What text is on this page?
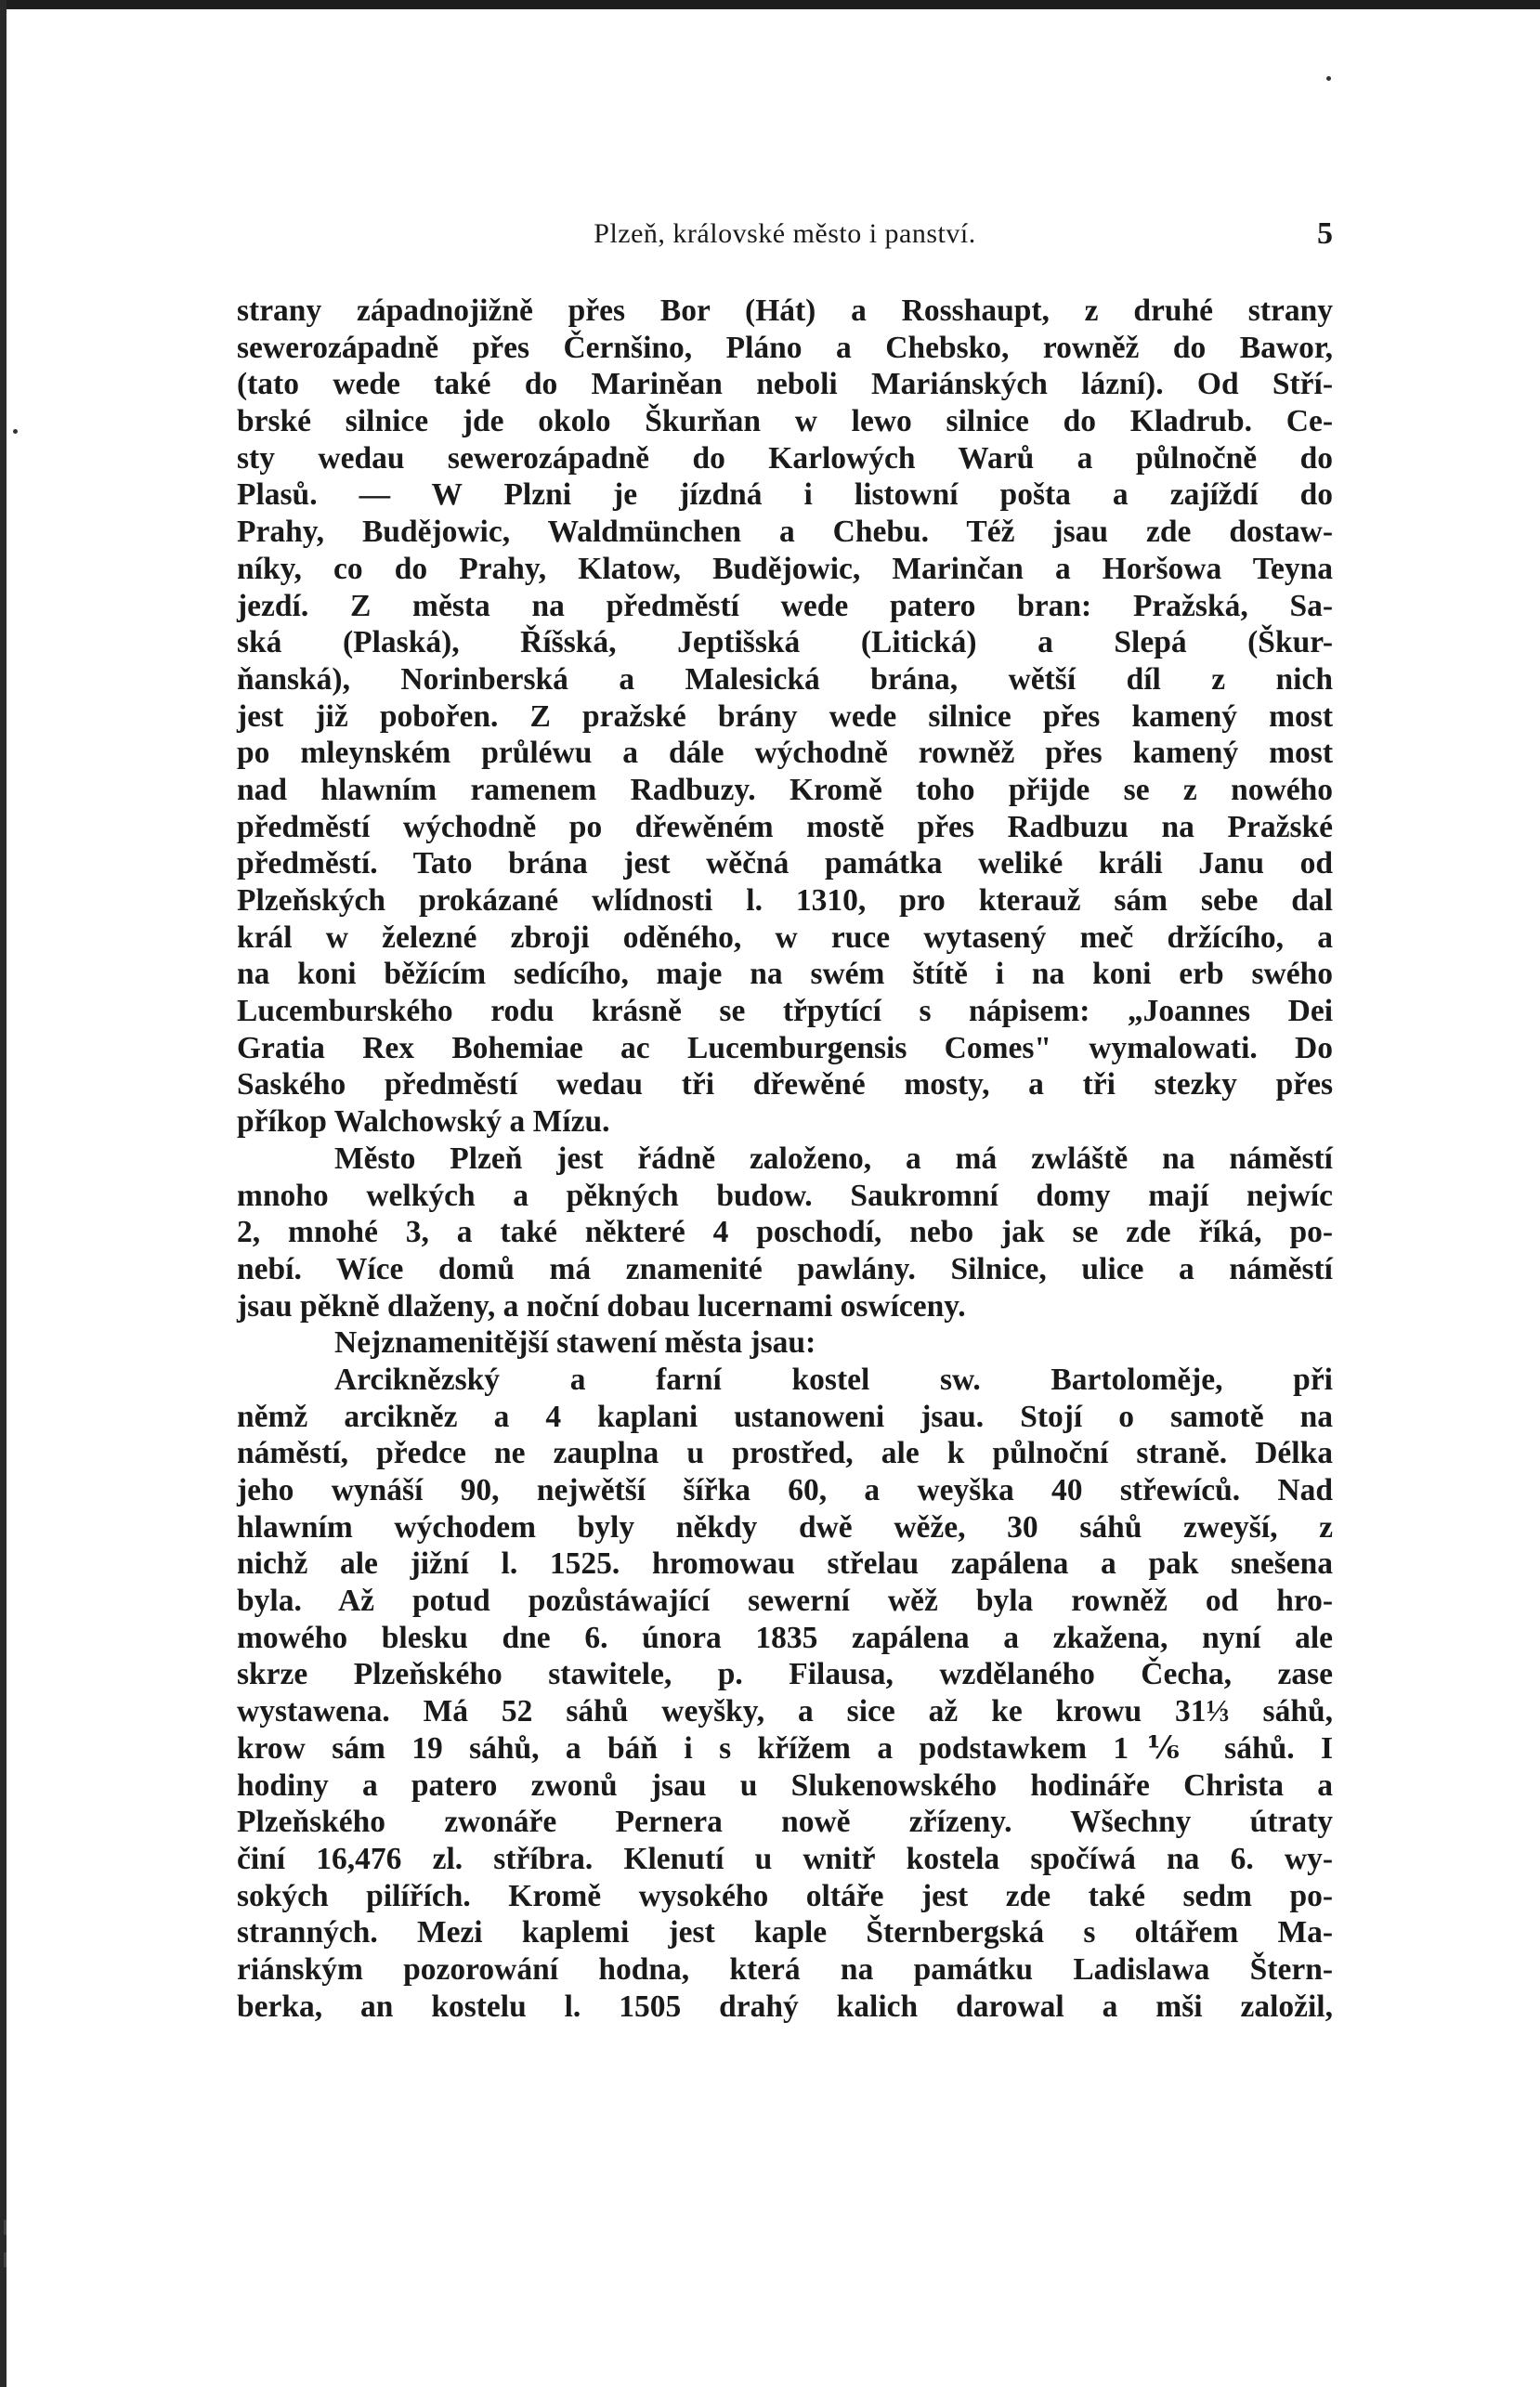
Plzeň, královské město i panství.	5
strany západnojižně přes Bor (Hát) a Rosshaupt, z druhé strany
sewerozápadně přes Černšino, Pláno a Chebsko, rowněž do Bawor,
(tato wede také do Mariněan neboli Mariánských lázní). Od Stří-
brské silnice jde okolo Škurňan w lewo silnice do Kladrub. Ce-
sty wedau sewerozápadně do Karlowých Warů a půlnočně do
Plasů. — W Plzni je jízdná i listowní pošta a zajíždí do
Prahy, Budějowic, Waldmünchen a Chebu. Též jsau zde dostaw-
níky, co do Prahy, Klatow, Budějowic, Marinčan a Horšowa Teyna
jezdí. Z města na předměstí wede patero bran: Pražská, Sa-
ská (Plaská), Říšská, Jeptišská (Litická) a Slepá (Škur-
ňanská), Norinberská a Malesická brána, wětší díl z nich
jest již pobořen. Z pražské brány wede silnice přes kamený most
po mleynském průléwu a dále wýchodně rowněž přes kamený most
nad hlawním ramenem Radbuzy. Kromě toho přijde se z nowého
předměstí wýchodně po dřewěném mostě přes Radbuzu na Pražské
předměstí. Tato brána jest wěčná památka weliké králi Janu od
Plzeňských prokázané wlídnosti l. 1310, pro kterauž sám sebe dal
král w železné zbroji oděného, w ruce wytasený meč držícího, a
na koni běžícím sedícího, maje na swém štítě i na koni erb swého
Lucemburského rodu krásně se třpytící s nápisem: „Joannes Dei
Gratia Rex Bohemiae ac Lucemburgensis Comes" wymalowati. Do
Saského předměstí wedau tři dřewěné mosty, a tři stezky přes
příkop Walchowský a Mízu.
Město Plzeň jest řádně založeno, a má zwláště na náměstí
mnoho welkých a pěkných budow. Saukromní domy mají nejwíc
2, mnohé 3, a také některé 4 poschodí, nebo jak se zde říká, po-
nebí. Wíce domů má znamenité pawlány. Silnice, ulice a náměstí
jsau pěkně dlaženy, a noční dobau lucernami oswíceny.
Nejznamenitější stawení města jsau:
Arciknězský a farní kostel sw. Bartoloměje, při
němž arcikněz a 4 kaplani ustanoweni jsau. Stojí o samotě na
náměstí, předce ne zauplna u prostřed, ale k půlnoční straně. Délka
jeho wynáší 90, nejwětší šířka 60, a weyška 40 střewíců. Nad
hlawním wýchodem byly někdy dwě wěže, 30 sáhů zweyší, z
nichž ale jižní l. 1525. hromowau střelau zapálena a pak snešena
byla. Až potud pozůstáwající sewerní wěž byla rowněž od hro-
mowého blesku dne 6. února 1835 zapálena a zkažena, nyní ale
skrze Plzeňského stawitele, p. Filausa, wzdělaného Čecha, zase
wystawena. Má 52 sáhů weyšky, a sice až ke krowu 31⅓ sáhů,
krow sám 19 sáhů, a báň i s křížem a podstawkem 1⅙ sáhů. I
hodiny a patero zwonů jsau u Slukenowského hodináře Christa a
Plzeňského zwonáře Pernera nowě zřízeny. Wšechny útraty
činí 16,476 zl. stříbra. Klenutí u wnitř kostela spočíwá na 6. wy-
sokých pilířích. Kromě wysokého oltáře jest zde také sedm po-
stranných. Mezi kaplemi jest kaple Šternbergská s oltářem Ma-
riánským pozorowání hodna, která na památku Ladislawa Štern-
berka, an kostelu l. 1505 drahý kalich darowal a mši založil,
